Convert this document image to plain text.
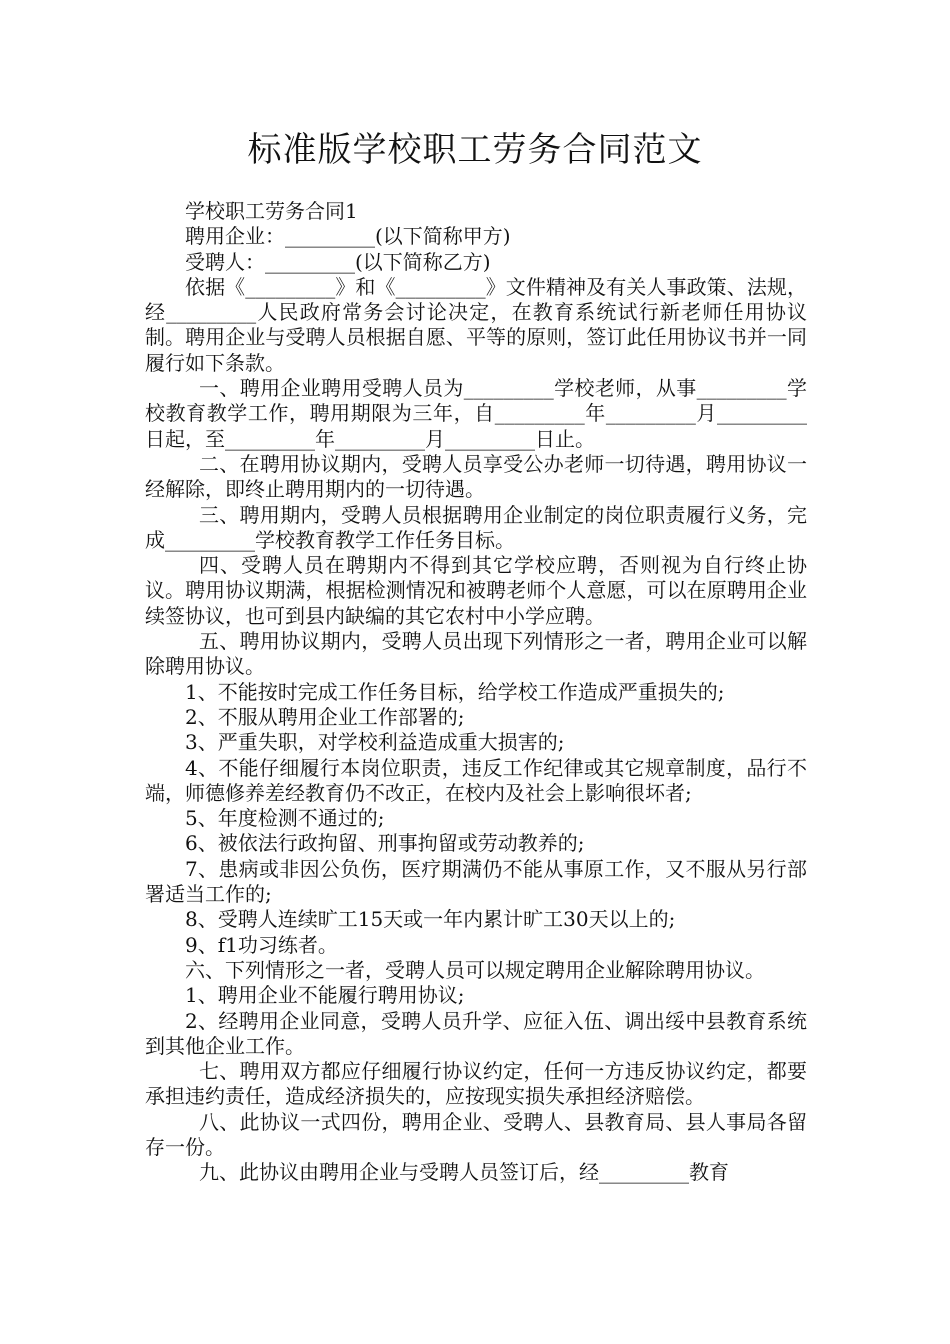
标准版学校职工劳务合同范文

学校职工劳务合同1

聘用企业：_________(以下简称甲方)

受聘人：_________(以下简称乙方)

依据《_________》和《_________》文件精神及有关人事政策、法规，经_________人民政府常务会讨论决定，在教育系统试行新老师任用协议制。聘用企业与受聘人员根据自愿、平等的原则，签订此任用协议书并一同履行如下条款。

一、聘用企业聘用受聘人员为_________学校老师，从事_________学校教育教学工作，聘用期限为三年，自_________年_________月_________日起，至_________年_________月_________日止。

二、在聘用协议期内，受聘人员享受公办老师一切待遇，聘用协议一经解除，即终止聘用期内的一切待遇。

三、聘用期内，受聘人员根据聘用企业制定的岗位职责履行义务，完成_________学校教育教学工作任务目标。

四、受聘人员在聘期内不得到其它学校应聘，否则视为自行终止协议。聘用协议期满，根据检测情况和被聘老师个人意愿，可以在原聘用企业续签协议，也可到县内缺编的其它农村中小学应聘。

五、聘用协议期内，受聘人员出现下列情形之一者，聘用企业可以解除聘用协议。

1、不能按时完成工作任务目标，给学校工作造成严重损失的;

2、不服从聘用企业工作部署的;

3、严重失职，对学校利益造成重大损害的;

4、不能仔细履行本岗位职责，违反工作纪律或其它规章制度，品行不端，师德修养差经教育仍不改正，在校内及社会上影响很坏者;

5、年度检测不通过的;

6、被依法行政拘留、刑事拘留或劳动教养的;

7、患病或非因公负伤，医疗期满仍不能从事原工作，又不服从另行部署适当工作的;

8、受聘人连续旷工15天或一年内累计旷工30天以上的;

9、f1功习练者。

六、下列情形之一者，受聘人员可以规定聘用企业解除聘用协议。

1、聘用企业不能履行聘用协议;

2、经聘用企业同意，受聘人员升学、应征入伍、调出绥中县教育系统到其他企业工作。

七、聘用双方都应仔细履行协议约定，任何一方违反协议约定，都要承担违约责任，造成经济损失的，应按现实损失承担经济赔偿。

八、此协议一式四份，聘用企业、受聘人、县教育局、县人事局各留存一份。

九、此协议由聘用企业与受聘人员签订后，经_________教育
